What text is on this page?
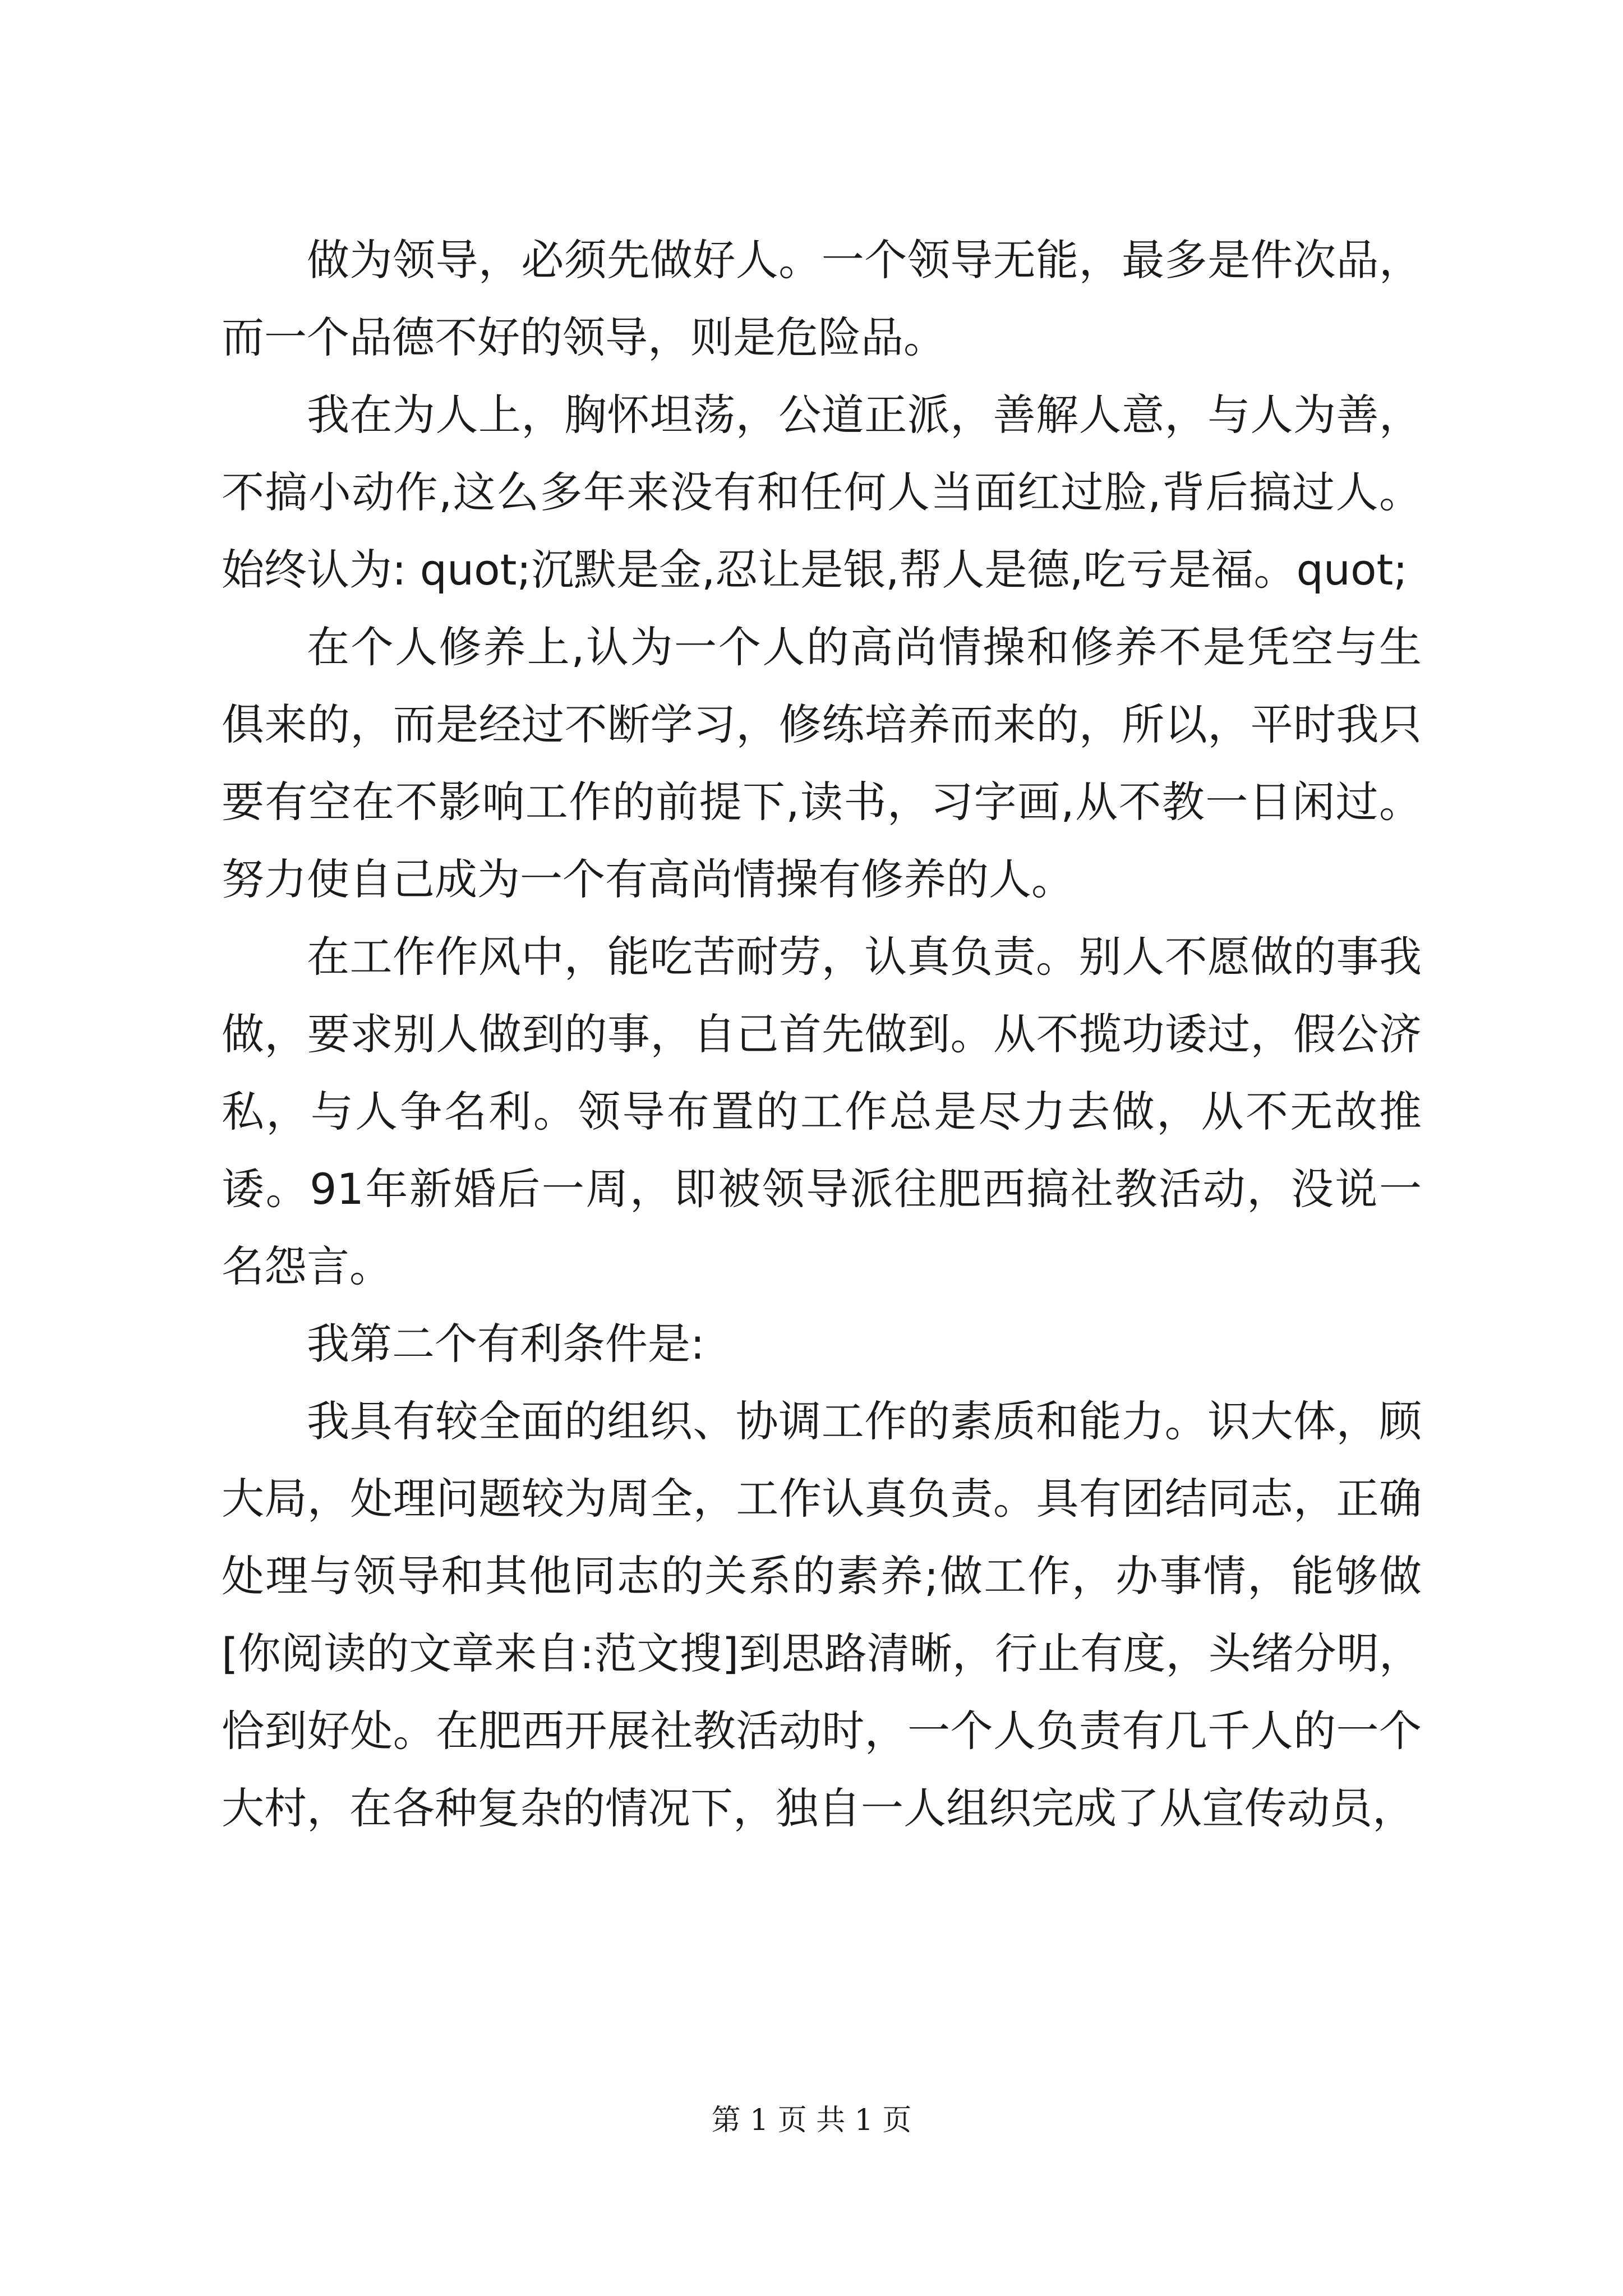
做为领导，必须先做好人。一个领导无能，最多是件次品，而一个品德不好的领导，则是危险品。

我在为人上，胸怀坦荡，公道正派，善解人意，与人为善，不搞小动作,这么多年来没有和任何人当面红过脸,背后搞过人。始终认为: quot;沉默是金,忍让是银,帮人是德,吃亏是福。quot;

在个人修养上,认为一个人的高尚情操和修养不是凭空与生俱来的，而是经过不断学习，修练培养而来的，所以，平时我只要有空在不影响工作的前提下,读书，习字画,从不教一日闲过。努力使自己成为一个有高尚情操有修养的人。

在工作作风中，能吃苦耐劳，认真负责。别人不愿做的事我做，要求别人做到的事，自己首先做到。从不揽功诿过，假公济私，与人争名利。领导布置的工作总是尽力去做，从不无故推诿。91年新婚后一周，即被领导派往肥西搞社教活动，没说一名怨言。

我第二个有利条件是:

我具有较全面的组织、协调工作的素质和能力。识大体，顾大局，处理问题较为周全，工作认真负责。具有团结同志，正确处理与领导和其他同志的关系的素养;做工作，办事情，能够做[你阅读的文章来自:范文搜]到思路清晰，行止有度，头绪分明，恰到好处。在肥西开展社教活动时，一个人负责有几千人的一个大村，在各种复杂的情况下，独自一人组织完成了从宣传动员，

第 1 页 共 1 页
